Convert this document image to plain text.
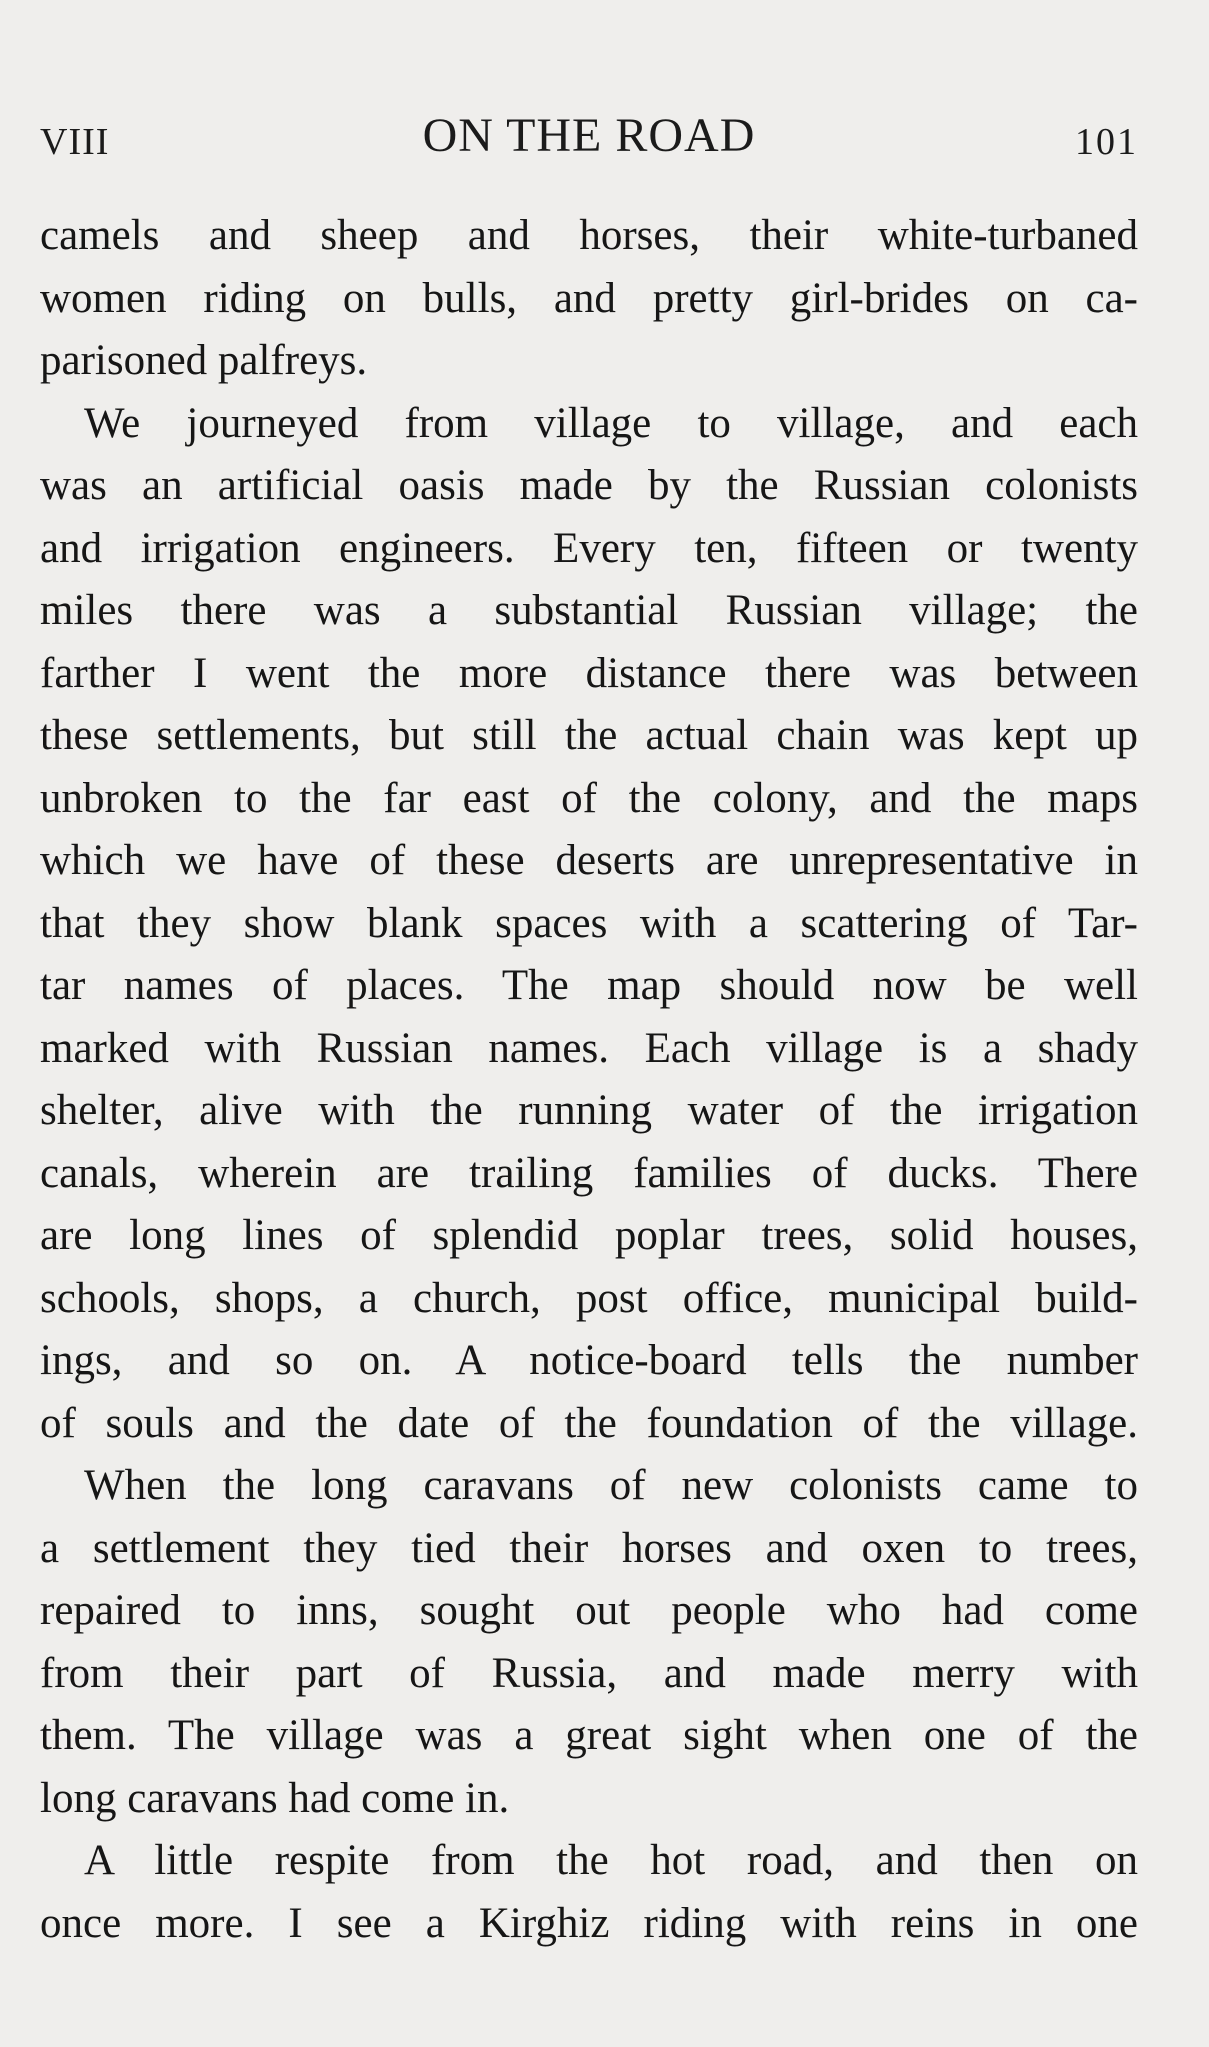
VIII	ON THE ROAD	101
camels and sheep and horses, their white-turbaned
women riding on bulls, and pretty girl-brides on ca-
parisoned palfreys.
We journeyed from village to village, and each
was an artificial oasis made by the Russian colonists
and irrigation engineers. Every ten, fifteen or twenty
miles there was a substantial Russian village; the
farther I went the more distance there was between
these settlements, but still the actual chain was kept up
unbroken to the far east of the colony, and the maps
which we have of these deserts are unrepresentative in
that they show blank spaces with a scattering of Tar-
tar names of places. The map should now be well
marked with Russian names. Each village is a shady
shelter, alive with the running water of the irrigation
canals, wherein are trailing families of ducks. There
are long lines of splendid poplar trees, solid houses,
schools, shops, a church, post office, municipal build-
ings, and so on. A notice-board tells the number
of souls and the date of the foundation of the village.
When the long caravans of new colonists came to
a settlement they tied their horses and oxen to trees,
repaired to inns, sought out people who had come
from their part of Russia, and made merry with
them. The village was a great sight when one of the
long caravans had come in.
A little respite from the hot road, and then on
once more. I see a Kirghiz riding with reins in one
